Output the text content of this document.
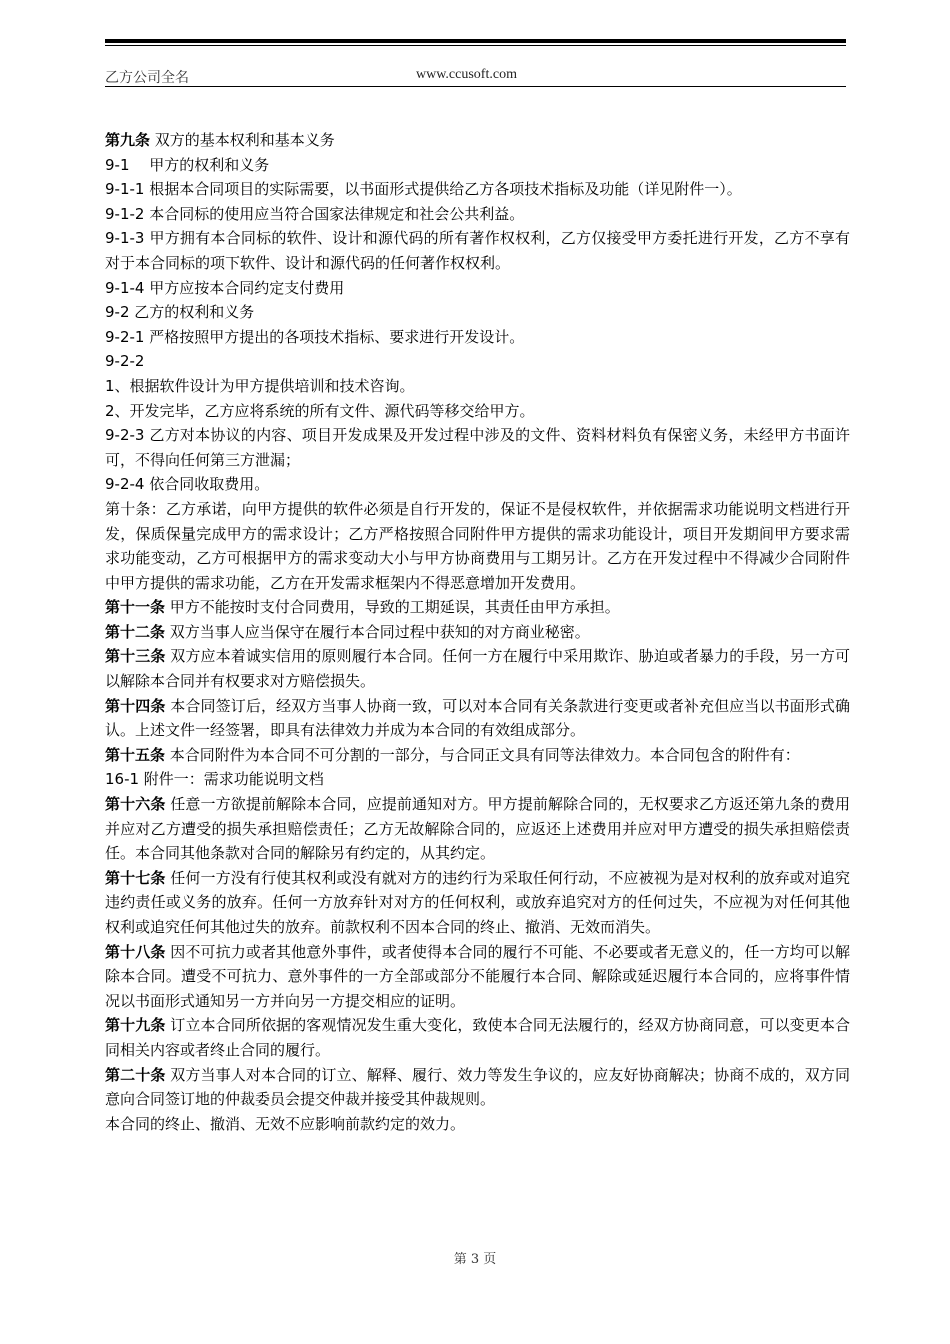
乙方公司全名	www.ccusoft.com

第九条 双方的基本权利和基本义务

9-1　 甲方的权利和义务

9-1-1 根据本合同项目的实际需要，以书面形式提供给乙方各项技术指标及功能（详见附件一）。

9-1-2 本合同标的使用应当符合国家法律规定和社会公共利益。

9-1-3 甲方拥有本合同标的软件、设计和源代码的所有著作权权利，乙方仅接受甲方委托进行开发，乙方不享有对于本合同标的项下软件、设计和源代码的任何著作权权利。

9-1-4 甲方应按本合同约定支付费用

9-2 乙方的权利和义务

9-2-1 严格按照甲方提出的各项技术指标、要求进行开发设计。

9-2-2

1、根据软件设计为甲方提供培训和技术咨询。

2、开发完毕，乙方应将系统的所有文件、源代码等移交给甲方。

9-2-3 乙方对本协议的内容、项目开发成果及开发过程中涉及的文件、资料材料负有保密义务，未经甲方书面许可，不得向任何第三方泄漏；

9-2-4 依合同收取费用。

第十条：乙方承诺，向甲方提供的软件必须是自行开发的，保证不是侵权软件，并依据需求功能说明文档进行开发，保质保量完成甲方的需求设计；乙方严格按照合同附件甲方提供的需求功能设计，项目开发期间甲方要求需求功能变动，乙方可根据甲方的需求变动大小与甲方协商费用与工期另计。乙方在开发过程中不得减少合同附件中甲方提供的需求功能，乙方在开发需求框架内不得恶意增加开发费用。

第十一条 甲方不能按时支付合同费用，导致的工期延误，其责任由甲方承担。

第十二条 双方当事人应当保守在履行本合同过程中获知的对方商业秘密。

第十三条 双方应本着诚实信用的原则履行本合同。任何一方在履行中采用欺诈、胁迫或者暴力的手段，另一方可以解除本合同并有权要求对方赔偿损失。

第十四条 本合同签订后，经双方当事人协商一致，可以对本合同有关条款进行变更或者补充但应当以书面形式确认。上述文件一经签署，即具有法律效力并成为本合同的有效组成部分。

第十五条 本合同附件为本合同不可分割的一部分，与合同正文具有同等法律效力。本合同包含的附件有：

16-1 附件一：需求功能说明文档

第十六条 任意一方欲提前解除本合同，应提前通知对方。甲方提前解除合同的，无权要求乙方返还第九条的费用并应对乙方遭受的损失承担赔偿责任；乙方无故解除合同的，应返还上述费用并应对甲方遭受的损失承担赔偿责任。本合同其他条款对合同的解除另有约定的，从其约定。

第十七条 任何一方没有行使其权利或没有就对方的违约行为采取任何行动，不应被视为是对权利的放弃或对追究违约责任或义务的放弃。任何一方放弃针对对方的任何权利，或放弃追究对方的任何过失，不应视为对任何其他权利或追究任何其他过失的放弃。前款权利不因本合同的终止、撤消、无效而消失。

第十八条 因不可抗力或者其他意外事件，或者使得本合同的履行不可能、不必要或者无意义的，任一方均可以解除本合同。遭受不可抗力、意外事件的一方全部或部分不能履行本合同、解除或延迟履行本合同的，应将事件情况以书面形式通知另一方并向另一方提交相应的证明。

第十九条 订立本合同所依据的客观情况发生重大变化，致使本合同无法履行的，经双方协商同意，可以变更本合同相关内容或者终止合同的履行。

第二十条 双方当事人对本合同的订立、解释、履行、效力等发生争议的，应友好协商解决；协商不成的，双方同意向合同签订地的仲裁委员会提交仲裁并接受其仲裁规则。

本合同的终止、撤消、无效不应影响前款约定的效力。

第 3 页
